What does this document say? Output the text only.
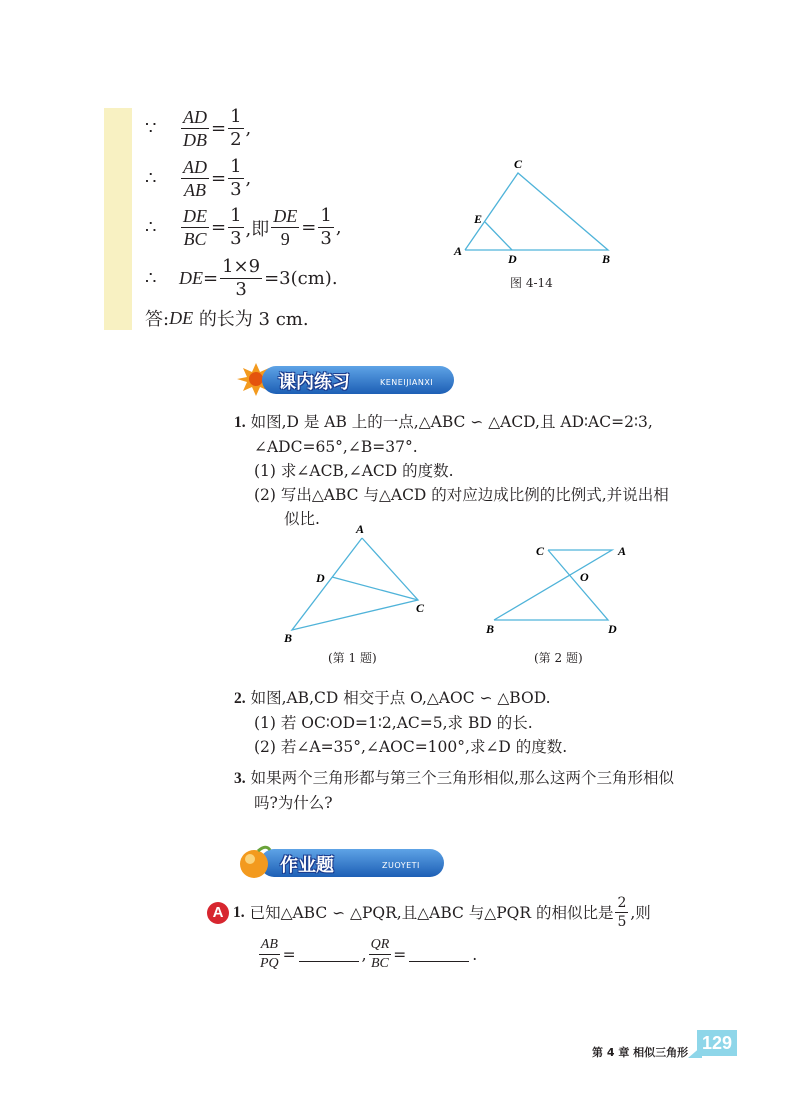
∵	$\frac{AD}{DB} = \frac{1}{2}$ ,
∴	$\frac{AD}{AB} = \frac{1}{3}$ ,
∴	$\frac{DE}{BC} = \frac{1}{3}$ ,即 $\frac{DE}{9} = \frac{1}{3}$ ,
∴	DE = $\frac{1\times 9}{3} =3(cm)$.
答: DE
的长为 3 cm.
C
E
A
D	B
图 4-14
课内练习	KENEIJIANXI
1. 如图,D 是 AB 上的一点,△ABC ∽ △ACD,且 AD∶AC=2∶3,
∠ADC=65°,∠B=37°.
(1) 求∠ACB,∠ACD 的度数.
(2) 写出△ABC 与△ACD 的对应边成比例的比例式,并说出相
似比.
A
D
C
B
(第 1 题)
C	A
O
B	D
(第 2 题)
2. 如图,AB,CD 相交于点 O,△AOC ∽ △BOD.
(1) 若 OC∶OD=1∶2,AC=5,求 BD 的长.
(2) 若∠A=35°,∠AOC=100°,求∠D 的度数.
3. 如果两个三角形都与第三个三角形相似,那么这两个三角形相似
吗?为什么?
作业题	ZUOYETI
A 1.
已知△ABC ∽ △PQR,且△ABC 与△PQR 的相似比是 $\frac{2}{5}$ ,则
$\frac{AB}{PQ}$ =	, $\frac{QR}{BC}$ =	.
第 4 章 相似三角形 129
